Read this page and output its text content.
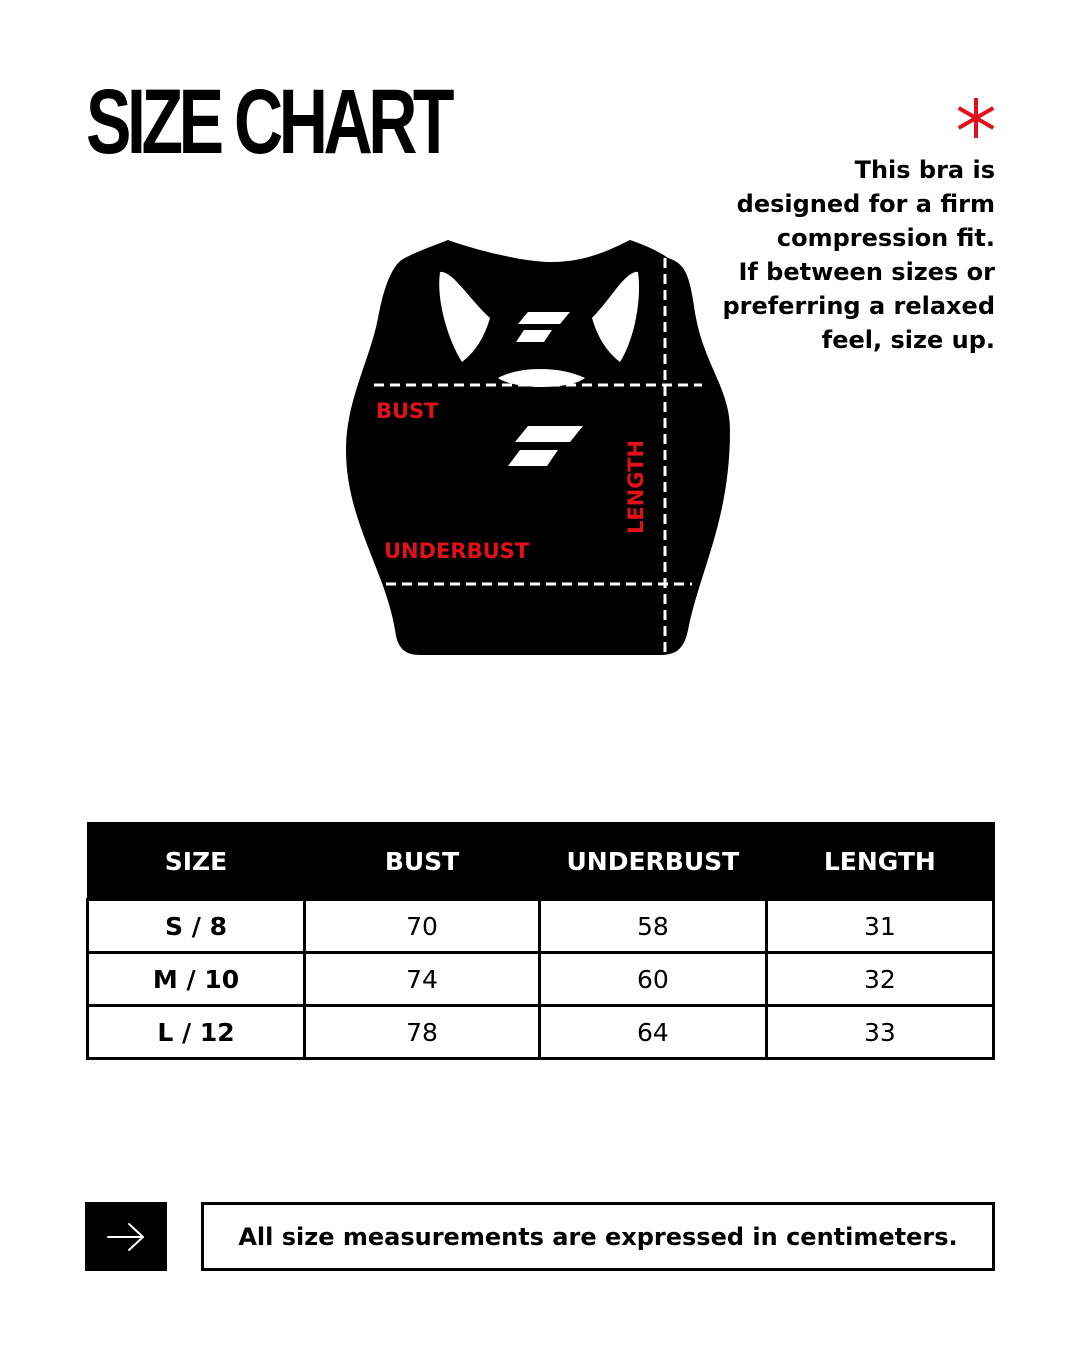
SIZE CHART	This bra is
designed for a firm
compression fit.
If between sizes or
preferring a relaxed
feel, size up.

BUST
UNDERBUST
LENGTH
SIZE	BUST	UNDERBUST	LENGTH
S / 8	70	58	31
M / 10	74	60	32
L / 12	78	64	33
All size measurements are expressed in centimeters.
